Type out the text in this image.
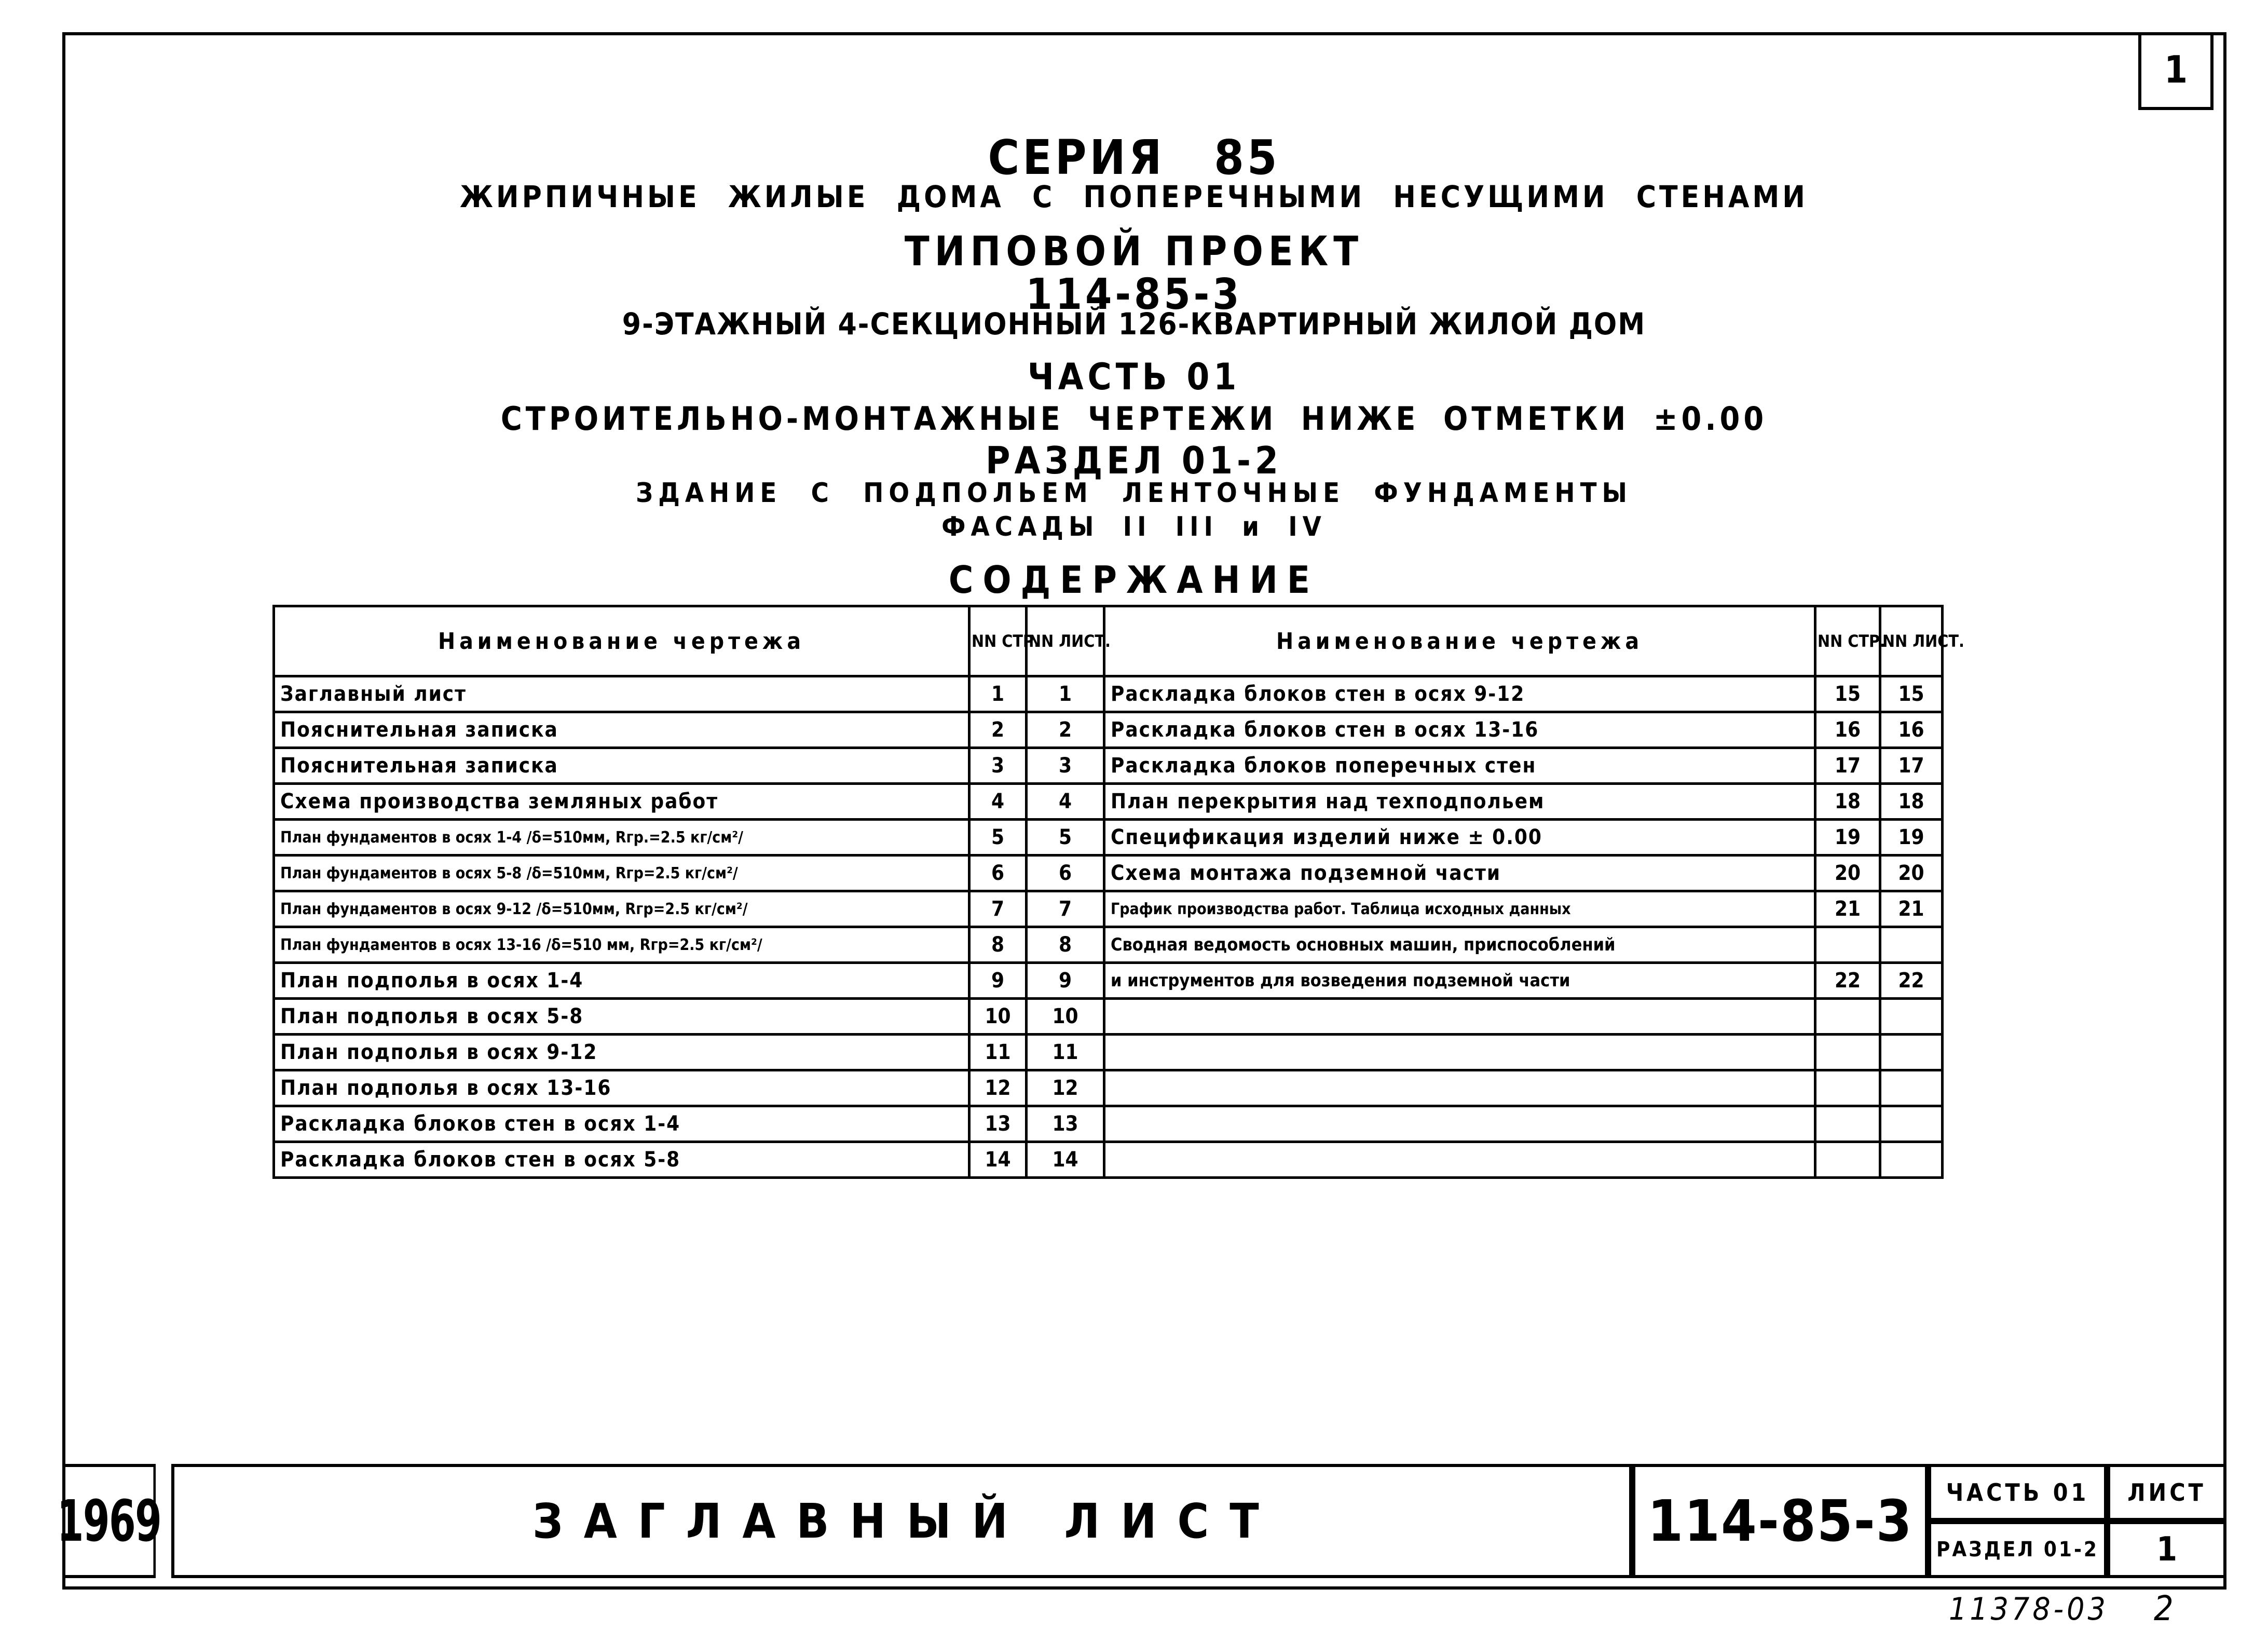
1
СЕРИЯ 85
ЖИРПИЧНЫЕ ЖИЛЫЕ ДОМА С ПОПЕРЕЧНЫМИ НЕСУЩИМИ СТЕНАМИ
ТИПОВОЙ ПРОЕКТ
114-85-3
9-ЭТАЖНЫЙ 4-СЕКЦИОННЫЙ 126-КВАРТИРНЫЙ ЖИЛОЙ ДОМ
ЧАСТЬ 01
СТРОИТЕЛЬНО-МОНТАЖНЫЕ ЧЕРТЕЖИ НИЖЕ ОТМЕТКИ ±0.00
РАЗДЕЛ 01-2
ЗДАНИЕ С ПОДПОЛЬЕМ ЛЕНТОЧНЫЕ ФУНДАМЕНТЫ
ФАСАДЫ II III и IV
СОДЕРЖАНИЕ
Наименование чертежа	NN СТР.	NN ЛИСТ.
Заглавный лист	1	1
Пояснительная записка	2	2
Пояснительная записка	3	3
Схема производства земляных работ	4	4
План фундаментов в осях 1-4 /δ=510мм, Rгр.=2.5 кг/см²/	5	5
План фундаментов в осях 5-8 /δ=510мм, Rгр=2.5 кг/см²/	6	6
План фундаментов в осях 9-12 /δ=510мм, Rгр=2.5 кг/см²/	7	7
План фундаментов в осях 13-16 /δ=510 мм, Rгр=2.5 кг/см²/	8	8
План подполья в осях 1-4	9	9
План подполья в осях 5-8	10	10
План подполья в осях 9-12	11	11
План подполья в осях 13-16	12	12
Раскладка блоков стен в осях 1-4	13	13
Раскладка блоков стен в осях 5-8	14	14
Наименование чертежа	NN СТР.	NN ЛИСТ.
Раскладка блоков стен в осях 9-12	15	15
Раскладка блоков стен в осях 13-16	16	16
Раскладка блоков поперечных стен	17	17
План перекрытия над техподпольем	18	18
Спецификация изделий ниже ± 0.00	19	19
Схема монтажа подземной части	20	20
График производства работ. Таблица исходных данных	21	21
Сводная ведомость основных машин, приспособлений		
и инструментов для возведения подземной части	22	22

1969	ЗАГЛАВНЫЙ ЛИСТ	114-85-3	ЧАСТЬ 01
РАЗДЕЛ 01-2
ЛИСТ
1
11378-03 2
